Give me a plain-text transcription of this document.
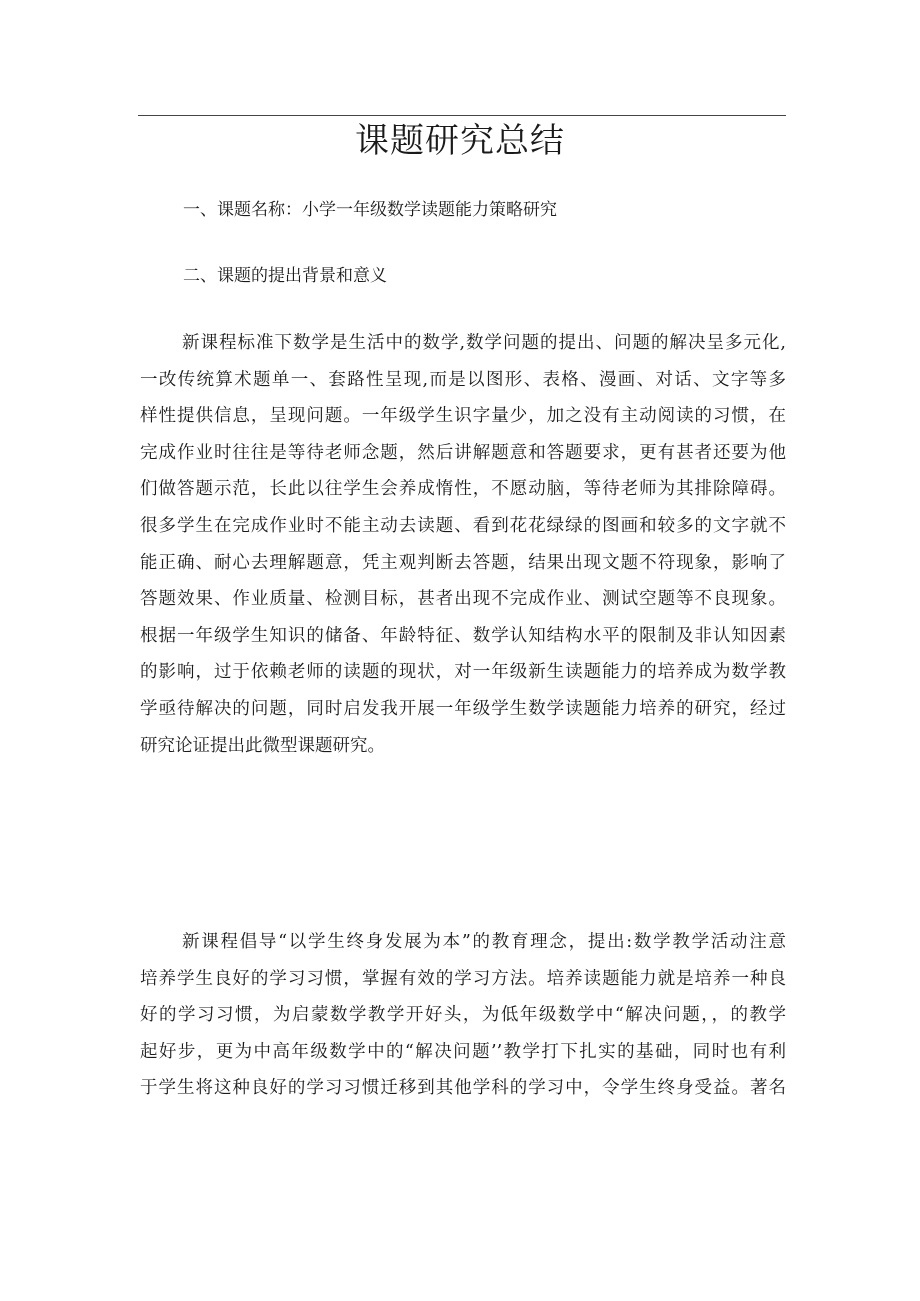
课题研究总结
一、课题名称：小学一年级数学读题能力策略研究
二、课题的提出背景和意义
新课程标准下数学是生活中的数学,数学问题的提出、问题的解决呈多元化,
一改传统算术题单一、套路性呈现,而是以图形、表格、漫画、对话、文字等多
样性提供信息，呈现问题。一年级学生识字量少，加之没有主动阅读的习惯，在
完成作业时往往是等待老师念题，然后讲解题意和答题要求，更有甚者还要为他
们做答题示范，长此以往学生会养成惰性，不愿动脑，等待老师为其排除障碍。
很多学生在完成作业时不能主动去读题、看到花花绿绿的图画和较多的文字就不
能正确、耐心去理解题意，凭主观判断去答题，结果出现文题不符现象，影响了
答题效果、作业质量、检测目标，甚者出现不完成作业、测试空题等不良现象。
根据一年级学生知识的储备、年龄特征、数学认知结构水平的限制及非认知因素
的影响，过于依赖老师的读题的现状，对一年级新生读题能力的培养成为数学教
学亟待解决的问题，同时启发我开展一年级学生数学读题能力培养的研究，经过
研究论证提出此微型课题研究。
新课程倡导“以学生终身发展为本”的教育理念，提出:数学教学活动注意
培养学生良好的学习习惯，掌握有效的学习方法。培养读题能力就是培养一种良
好的学习习惯，为启蒙数学教学开好头，为低年级数学中“解决问题，，的教学
起好步，更为中高年级数学中的“解决问题’’教学打下扎实的基础，同时也有利
于学生将这种良好的学习习惯迁移到其他学科的学习中，令学生终身受益。著名
